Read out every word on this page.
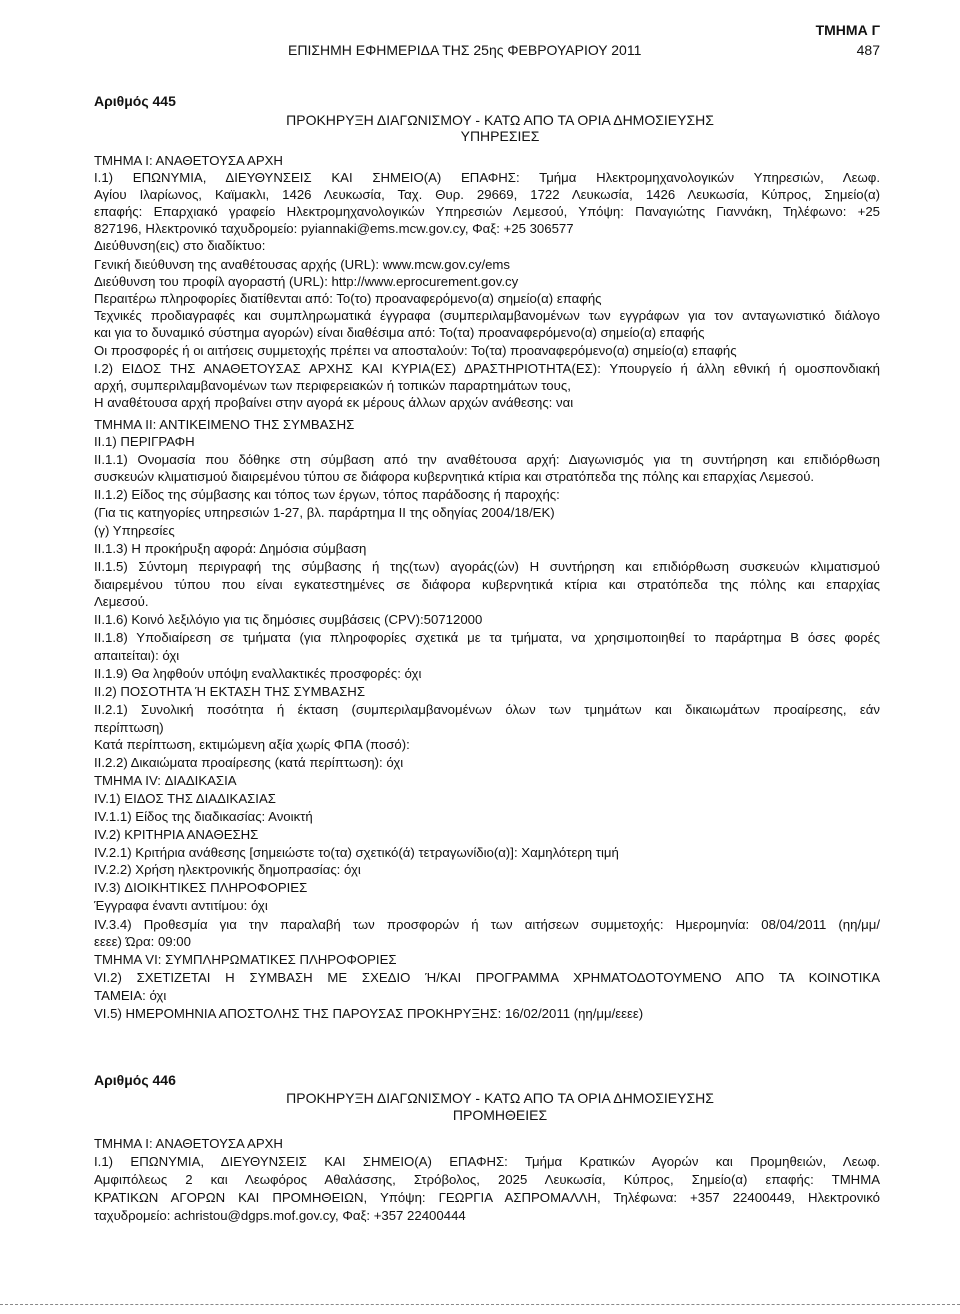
ΤΜΗΜΑ Γ
ΕΠΙΣΗΜΗ ΕΦΗΜΕΡΙΔΑ ΤΗΣ 25ης ΦΕΒΡΟΥΑΡΙΟΥ 2011	487
Αριθμός 445
ΠΡΟΚΗΡΥΞΗ ΔΙΑΓΩΝΙΣΜΟΥ - ΚΑΤΩ ΑΠΟ ΤΑ ΟΡΙΑ ΔΗΜΟΣΙΕΥΣΗΣ
ΥΠΗΡΕΣΙΕΣ
ΤΜΗΜΑ Ι: ΑΝΑΘΕΤΟΥΣΑ ΑΡΧΗ
Ι.1) ΕΠΩΝΥΜΙΑ, ΔΙΕΥΘΥΝΣΕΙΣ ΚΑΙ ΣΗΜΕΙΟ(Α) ΕΠΑΦΗΣ: Τμήμα Ηλεκτρομηχανολογικών Υπηρεσιών, Λεωφ.
Αγίου Ιλαρίωνος, Καϊμακλι, 1426 Λευκωσία, Ταχ. Θυρ. 29669, 1722 Λευκωσία, 1426 Λευκωσία, Κύπρος, Σημείο(α)
επαφής: Επαρχιακό γραφείο Ηλεκτρομηχανολογικών Υπηρεσιών Λεμεσού, Υπόψη: Παναγιώτης Γιαννάκη, Τηλέφωνο: +25
827196, Ηλεκτρονικό ταχυδρομείο: pyiannaki@ems.mcw.gov.cy, Φαξ: +25 306577
Διεύθυνση(εις) στο διαδίκτυο:
Γενική διεύθυνση της αναθέτουσας αρχής (URL): www.mcw.gov.cy/ems
Διεύθυνση του προφίλ αγοραστή (URL): http://www.eprocurement.gov.cy
Περαιτέρω πληροφορίες διατίθενται από: Το(το) προαναφερόμενο(α) σημείο(α) επαφής
Τεχνικές προδιαγραφές και συμπληρωματικά έγγραφα (συμπεριλαμβανομένων των εγγράφων για τον ανταγωνιστικό διάλογο
και για το δυναμικό σύστημα αγορών) είναι διαθέσιμα από: Το(τα) προαναφερόμενο(α) σημείο(α) επαφής
Οι προσφορές ή οι αιτήσεις συμμετοχής πρέπει να αποσταλούν: Το(τα) προαναφερόμενο(α) σημείο(α) επαφής
Ι.2) ΕΙΔΟΣ ΤΗΣ ΑΝΑΘΕΤΟΥΣΑΣ ΑΡΧΗΣ ΚΑΙ ΚΥΡΙΑ(ΕΣ) ΔΡΑΣΤΗΡΙΟΤΗΤΑ(ΕΣ): Υπουργείο ή άλλη εθνική ή ομοσπονδιακή
αρχή, συμπεριλαμβανομένων των περιφερειακών ή τοπικών παραρτημάτων τους,
Η αναθέτουσα αρχή προβαίνει στην αγορά εκ μέρους άλλων αρχών ανάθεσης: ναι
ΤΜΗΜΑ ΙΙ: ΑΝΤΙΚΕΙΜΕΝΟ ΤΗΣ ΣΥΜΒΑΣΗΣ
ΙΙ.1) ΠΕΡΙΓΡΑΦΗ
ΙΙ.1.1) Ονομασία που δόθηκε στη σύμβαση από την αναθέτουσα αρχή: Διαγωνισμός για τη συντήρηση και επιδιόρθωση
συσκευών κλιματισμού διαιρεμένου τύπου σε διάφορα κυβερνητικά κτίρια και στρατόπεδα της πόλης και επαρχίας Λεμεσού.
ΙΙ.1.2) Είδος της σύμβασης και τόπος των έργων, τόπος παράδοσης ή παροχής:
(Για τις κατηγορίες υπηρεσιών 1-27, βλ. παράρτημα ΙΙ της οδηγίας 2004/18/ΕΚ)
(γ) Υπηρεσίες
ΙΙ.1.3) Η προκήρυξη αφορά: Δημόσια σύμβαση
ΙΙ.1.5) Σύντομη περιγραφή της σύμβασης ή της(των) αγοράς(ών) Η συντήρηση και επιδιόρθωση συσκευών κλιματισμού
διαιρεμένου τύπου που είναι εγκατεστημένες σε διάφορα κυβερνητικά κτίρια και στρατόπεδα της πόλης και επαρχίας
Λεμεσού.
ΙΙ.1.6) Κοινό λεξιλόγιο για τις δημόσιες συμβάσεις (CPV):50712000
ΙΙ.1.8) Υποδιαίρεση σε τμήματα (για πληροφορίες σχετικά με τα τμήματα, να χρησιμοποιηθεί το παράρτημα Β όσες φορές
απαιτείται): όχι
ΙΙ.1.9) Θα ληφθούν υπόψη εναλλακτικές προσφορές: όχι
ΙΙ.2) ΠΟΣΟΤΗΤΑ Ή ΕΚΤΑΣΗ ΤΗΣ ΣΥΜΒΑΣΗΣ
ΙΙ.2.1) Συνολική ποσότητα ή έκταση (συμπεριλαμβανομένων όλων των τμημάτων και δικαιωμάτων προαίρεσης, εάν
περίπτωση)
Κατά περίπτωση, εκτιμώμενη αξία χωρίς ΦΠΑ (ποσό):
ΙΙ.2.2) Δικαιώματα προαίρεσης (κατά περίπτωση): όχι
ΤΜΗΜΑ IV: ΔΙΑΔΙΚΑΣΙΑ
IV.1) ΕΙΔΟΣ ΤΗΣ ΔΙΑΔΙΚΑΣΙΑΣ
IV.1.1) Είδος της διαδικασίας: Ανοικτή
IV.2) ΚΡΙΤΗΡΙΑ ΑΝΑΘΕΣΗΣ
IV.2.1) Κριτήρια ανάθεσης [σημειώστε το(τα) σχετικό(ά) τετραγωνίδιο(α)]: Χαμηλότερη τιμή
IV.2.2) Χρήση ηλεκτρονικής δημοπρασίας: όχι
IV.3) ΔΙΟΙΚΗΤΙΚΕΣ ΠΛΗΡΟΦΟΡΙΕΣ
Έγγραφα έναντι αντιτίμου: όχι
IV.3.4) Προθεσμία για την παραλαβή των προσφορών ή των αιτήσεων συμμετοχής: Ημερομηνία: 08/04/2011 (ηη/μμ/
εεεε) Ώρα: 09:00
ΤΜΗΜΑ VI: ΣΥΜΠΛΗΡΩΜΑΤΙΚΕΣ ΠΛΗΡΟΦΟΡΙΕΣ
VI.2) ΣΧΕΤΙΖΕΤΑΙ Η ΣΥΜΒΑΣΗ ΜΕ ΣΧΕΔΙΟ Ή/ΚΑΙ ΠΡΟΓΡΑΜΜΑ ΧΡΗΜΑΤΟΔΟΤΟΥΜΕΝΟ ΑΠΟ ΤΑ ΚΟΙΝΟΤΙΚΑ
ΤΑΜΕΙΑ: όχι
VI.5) ΗΜΕΡΟΜΗΝΙΑ ΑΠΟΣΤΟΛΗΣ ΤΗΣ ΠΑΡΟΥΣΑΣ ΠΡΟΚΗΡΥΞΗΣ: 16/02/2011 (ηη/μμ/εεεε)
Αριθμός 446
ΠΡΟΚΗΡΥΞΗ ΔΙΑΓΩΝΙΣΜΟΥ - ΚΑΤΩ ΑΠΟ ΤΑ ΟΡΙΑ ΔΗΜΟΣΙΕΥΣΗΣ
ΠΡΟΜΗΘΕΙΕΣ
ΤΜΗΜΑ Ι: ΑΝΑΘΕΤΟΥΣΑ ΑΡΧΗ
Ι.1) ΕΠΩΝΥΜΙΑ, ΔΙΕΥΘΥΝΣΕΙΣ ΚΑΙ ΣΗΜΕΙΟ(Α) ΕΠΑΦΗΣ: Τμήμα Κρατικών Αγορών και Προμηθειών, Λεωφ.
Αμφιπόλεως 2 και Λεωφόρος Αθαλάσσης, Στρόβολος, 2025 Λευκωσία, Κύπρος, Σημείο(α) επαφής: ΤΜΗΜΑ
ΚΡΑΤΙΚΩΝ ΑΓΟΡΩΝ ΚΑΙ ΠΡΟΜΗΘΕΙΩΝ, Υπόψη: ΓΕΩΡΓΙΑ ΑΣΠΡΟΜΑΛΛΗ, Τηλέφωνα: +357 22400449, Ηλεκτρονικό
ταχυδρομείο: achristou@dgps.mof.gov.cy, Φαξ: +357 22400444
